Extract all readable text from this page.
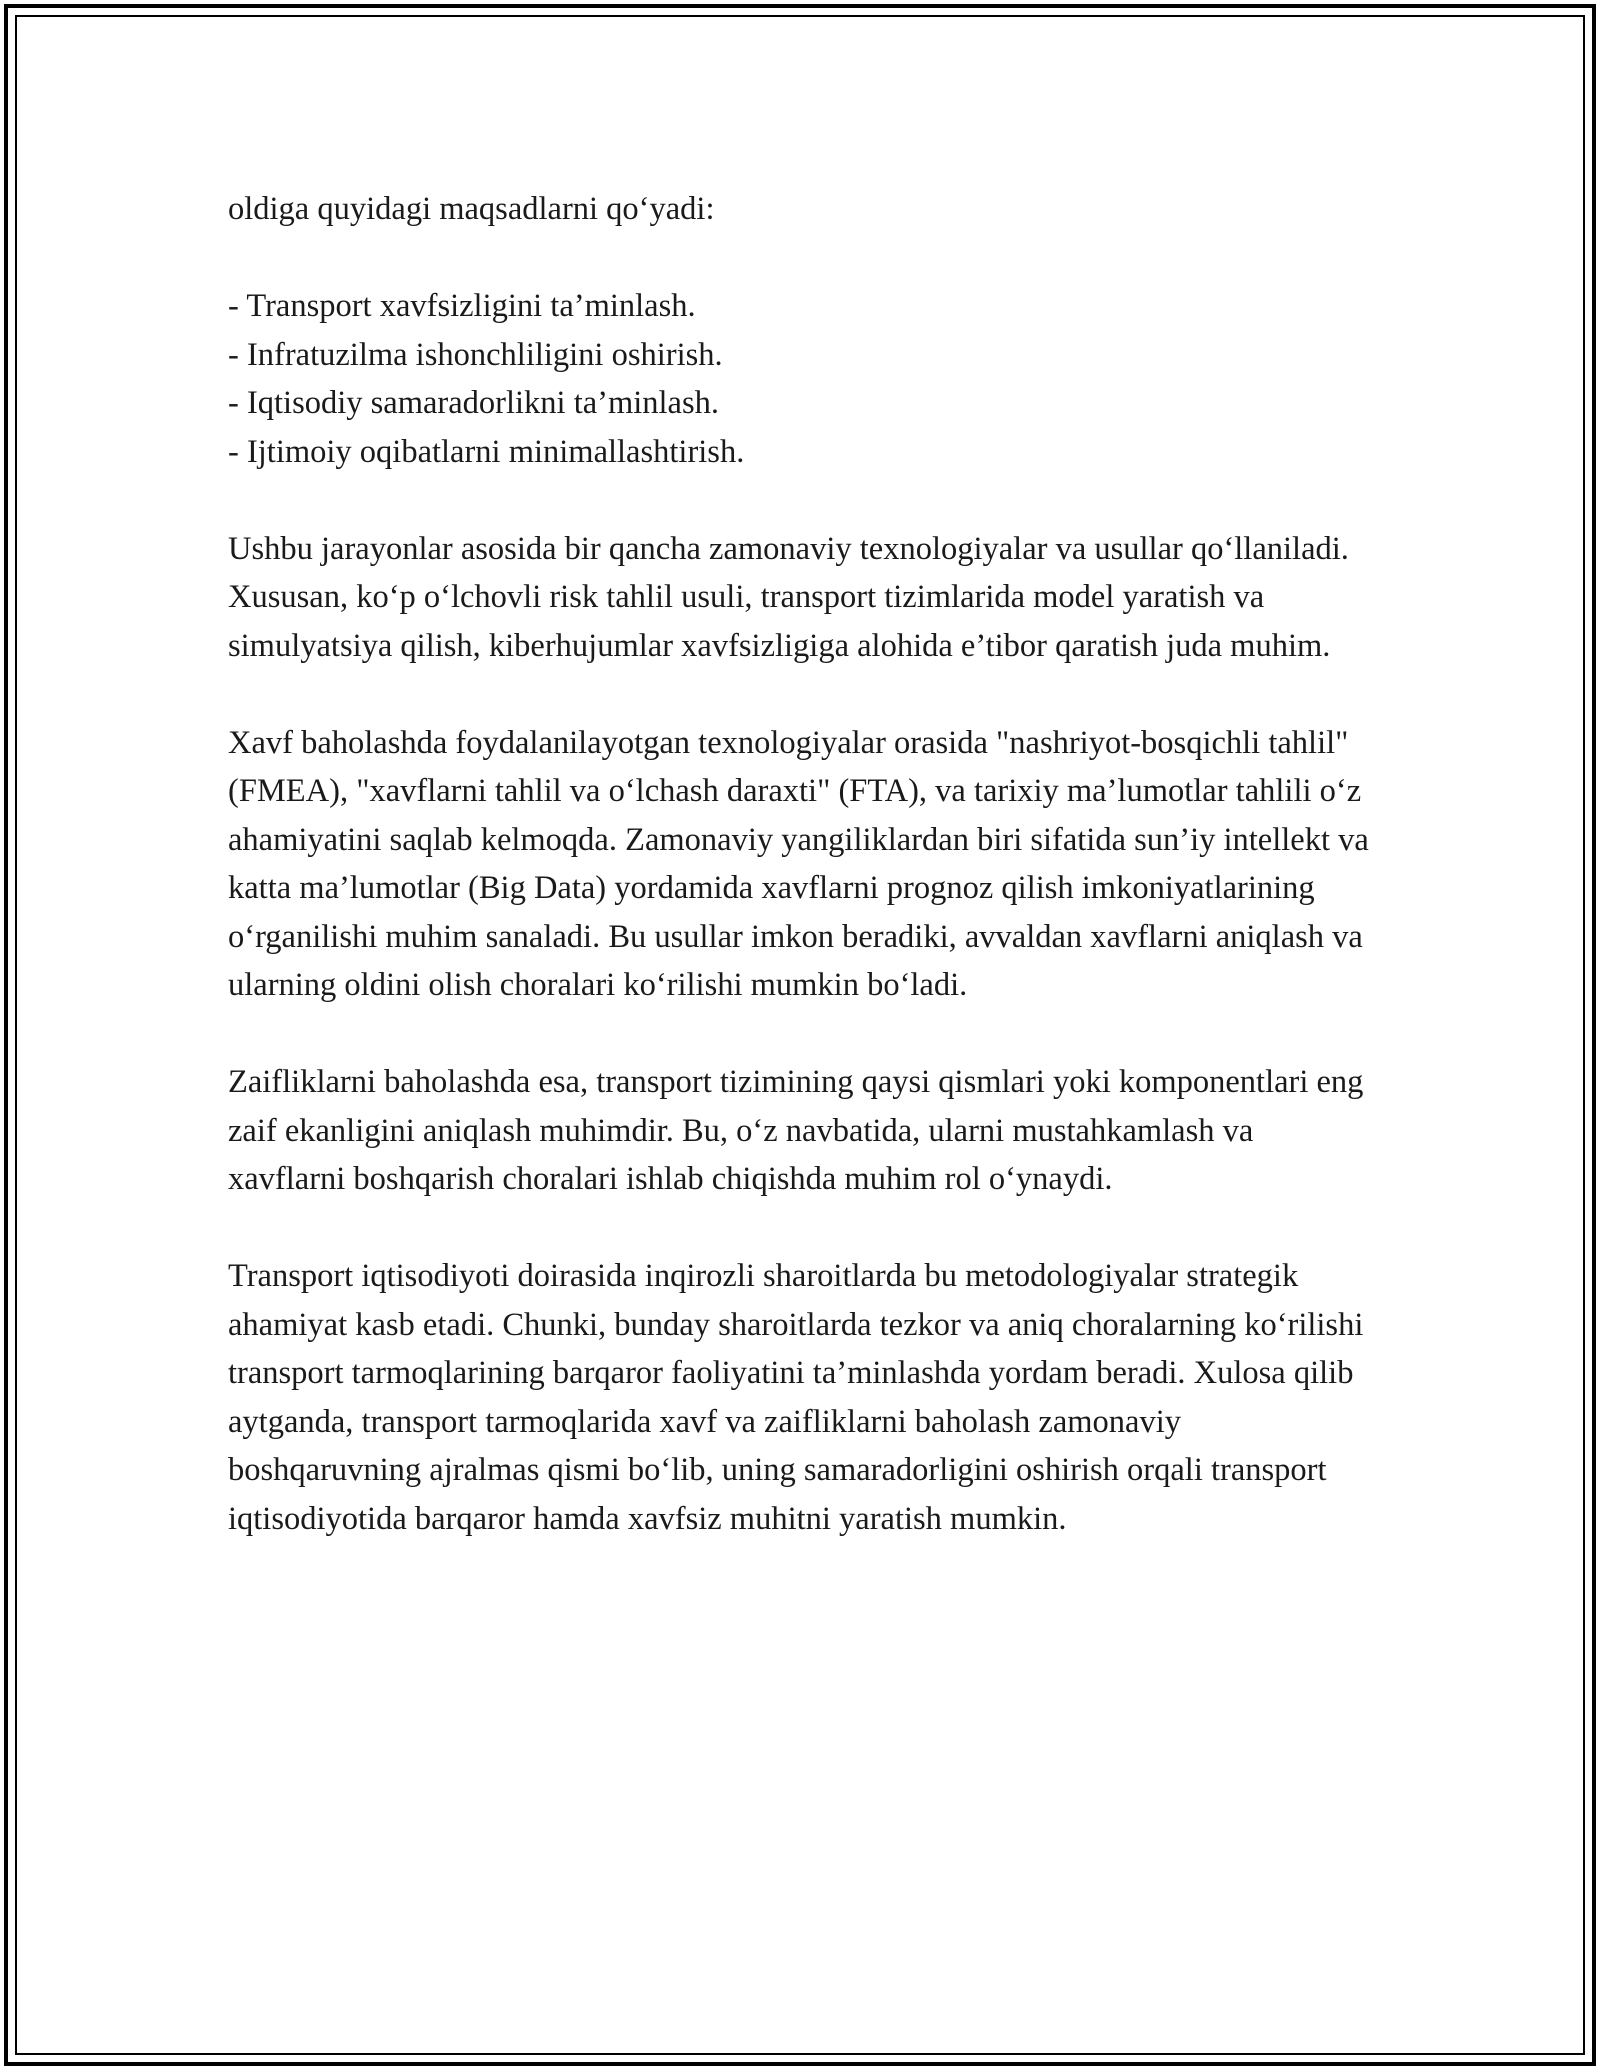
oldiga quyidagi maqsadlarni qo‘yadi:

- Transport xavfsizligini ta’minlash.
- Infratuzilma ishonchliligini oshirish.
- Iqtisodiy samaradorlikni ta’minlash.
- Ijtimoiy oqibatlarni minimallashtirish.

Ushbu jarayonlar asosida bir qancha zamonaviy texnologiyalar va usullar qo‘llaniladi. Xususan, ko‘p o‘lchovli risk tahlil usuli, transport tizimlarida model yaratish va simulyatsiya qilish, kiberhujumlar xavfsizligiga alohida e’tibor qaratish juda muhim.

Xavf baholashda foydalanilayotgan texnologiyalar orasida "nashriyot-bosqichli tahlil" (FMEA), "xavflarni tahlil va o‘lchash daraxti" (FTA), va tarixiy ma’lumotlar tahlili o‘z ahamiyatini saqlab kelmoqda. Zamonaviy yangiliklardan biri sifatida sun’iy intellekt va katta ma’lumotlar (Big Data) yordamida xavflarni prognoz qilish imkoniyatlarining o‘rganilishi muhim sanaladi. Bu usullar imkon beradiki, avvaldan xavflarni aniqlash va ularning oldini olish choralari ko‘rilishi mumkin bo‘ladi.

Zaifliklarni baholashda esa, transport tizimining qaysi qismlari yoki komponentlari eng zaif ekanligini aniqlash muhimdir. Bu, o‘z navbatida, ularni mustahkamlash va xavflarni boshqarish choralari ishlab chiqishda muhim rol o‘ynaydi.

Transport iqtisodiyoti doirasida inqirozli sharoitlarda bu metodologiyalar strategik ahamiyat kasb etadi. Chunki, bunday sharoitlarda tezkor va aniq choralarning ko‘rilishi transport tarmoqlarining barqaror faoliyatini ta’minlashda yordam beradi. Xulosa qilib aytganda, transport tarmoqlarida xavf va zaifliklarni baholash zamonaviy boshqaruvning ajralmas qismi bo‘lib, uning samaradorligini oshirish orqali transport iqtisodiyotida barqaror hamda xavfsiz muhitni yaratish mumkin.
